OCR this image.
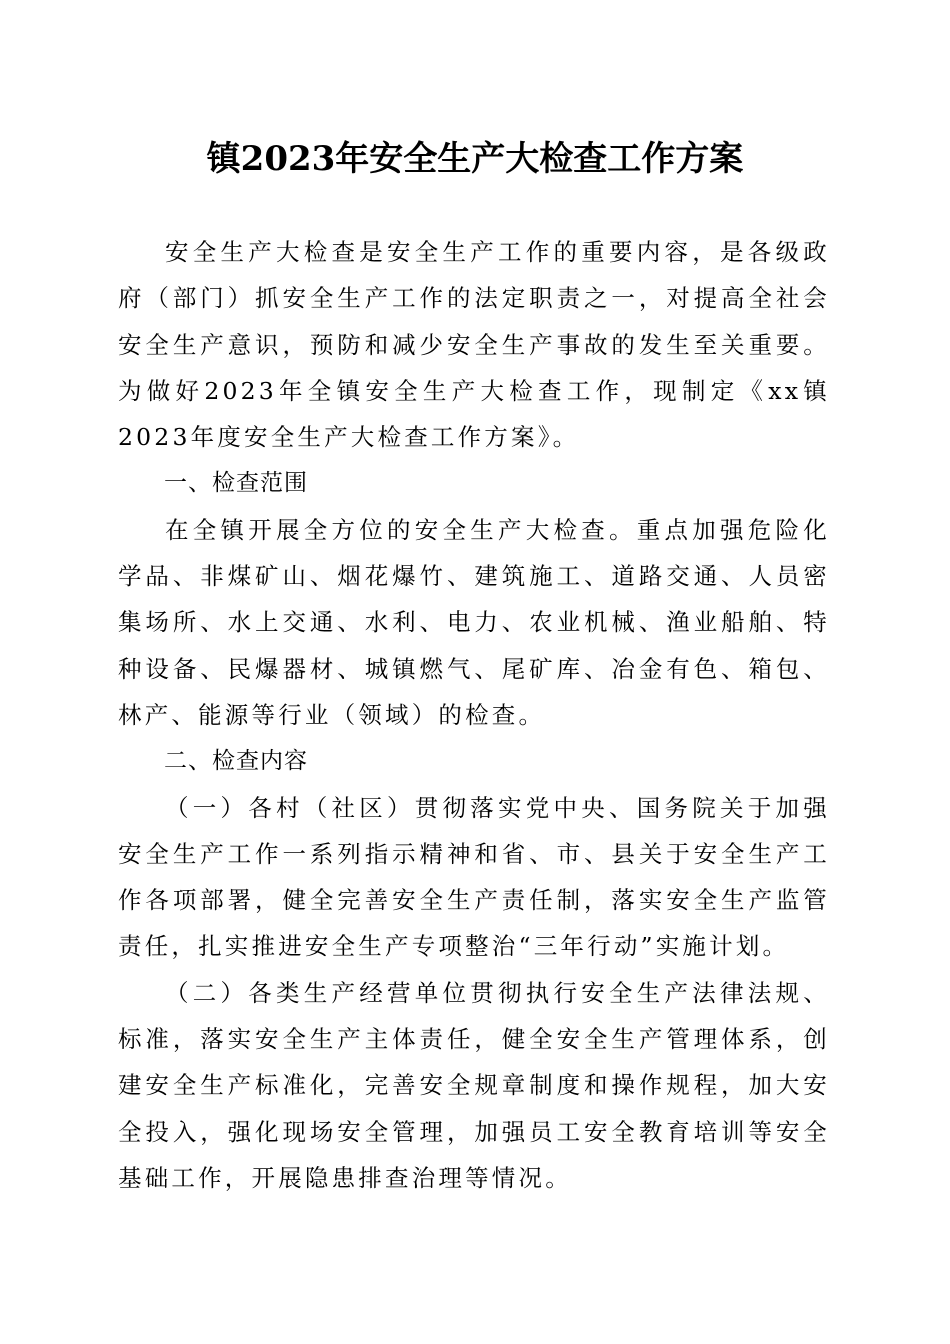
镇2023年安全生产大检查工作方案

安全生产大检查是安全生产工作的重要内容，是各级政府（部门）抓安全生产工作的法定职责之一，对提高全社会安全生产意识，预防和减少安全生产事故的发生至关重要。为做好2023年全镇安全生产大检查工作，现制定《xx镇2023年度安全生产大检查工作方案》。

一、检查范围

在全镇开展全方位的安全生产大检查。重点加强危险化学品、非煤矿山、烟花爆竹、建筑施工、道路交通、人员密集场所、水上交通、水利、电力、农业机械、渔业船舶、特种设备、民爆器材、城镇燃气、尾矿库、冶金有色、箱包、林产、能源等行业（领域）的检查。

二、检查内容

（一）各村（社区）贯彻落实党中央、国务院关于加强安全生产工作一系列指示精神和省、市、县关于安全生产工作各项部署，健全完善安全生产责任制，落实安全生产监管责任，扎实推进安全生产专项整治“三年行动”实施计划。

（二）各类生产经营单位贯彻执行安全生产法律法规、标准，落实安全生产主体责任，健全安全生产管理体系，创建安全生产标准化，完善安全规章制度和操作规程，加大安全投入，强化现场安全管理，加强员工安全教育培训等安全基础工作，开展隐患排查治理等情况。
